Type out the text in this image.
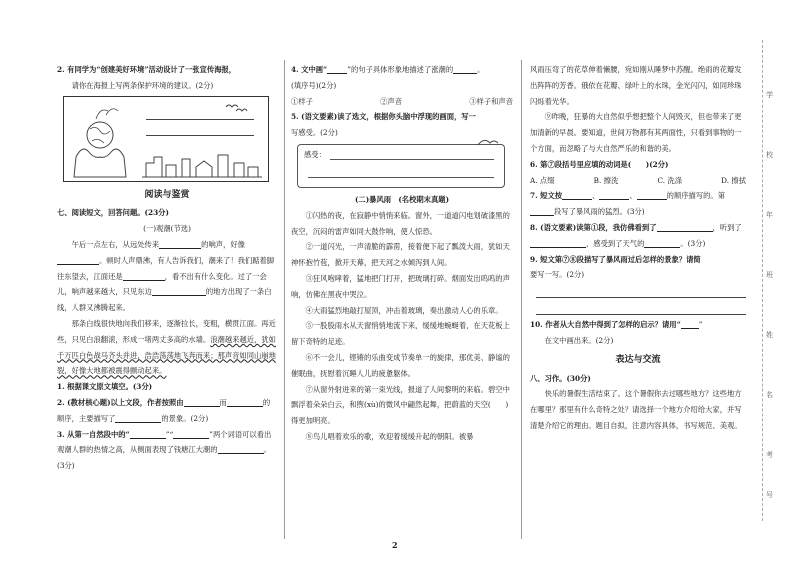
学
校
年
班
姓
名
考
号

2. 有同学为“创建美好环境”活动设计了一张宣传海报，

请你在海报上写两条保护环境的建议。(2分)

阅读与鉴赏

七、阅读短文，回答问题。(23分)

(一)观潮(节选)

午后一点左右，从远处传来	的响声，好像。顿时人声鼎沸，有人告诉我们，潮来了！我们踮着脚往东望去，江面还是	，看不出有什么变化。过了一会儿，响声越来越大，只见东边	的地方出现了一条白线，人群又沸腾起来。

那条白线很快地向我们移来，逐渐拉长，变粗，横贯江面。再近些，只见白浪翻滚，形成一堵两丈多高的水墙。浪潮越来越近，犹如千万匹白色战马齐头并进，浩浩荡荡地飞奔而来；那声音如同山崩地裂，好像大地都被震得颤动起来。

1. 根据课文原文填空。(3分)

2. (教材核心题)以上文段，作者按照由	而	的顺序，主要描写了	的景象。(2分)

3. 从第一自然段中的“	”“	”两个词语可以看出观潮人群的热情之高，从侧面表现了钱塘江大潮的	。(3分)

4. 文中画“	”的句子具体形象地描述了涨潮的	。

(填序号)(2分)

①样子	②声音	③样子和声音

5. (语文要素)读了选文，根据你头脑中浮现的画面，写一

写感受。(2分)

感受：

(二)暴风雨　(名校期末真题)

①闪热的夜，在寂静中悄悄来临。窗外，一道道闪电划破漆黑的夜空，沉闷的雷声如同大鼓作响，使人惊恐。

②一道闪光，一声清脆的霹雳，接着便下起了瓢泼大雨，犹如天神怀抱竹苞，掀开天幕，把天河之水倾泻到人间。

③狂风咆哮着，猛地把门打开，把玻璃打碎。烟面发出呜呜的声响，仿佛在黑夜中哭泣。

④大雨猛烈地敲打屋顶，冲击着玻璃，奏出激动人心的乐章。

⑤一股股雨水从天窗悄悄地流下来，缓缓地蜿蜒着，在天花板上留下奇特的足迹。

⑥不一会儿，铿锵的乐曲变成节奏单一的旋律，那优美、静谧的催眠曲，抚慰着沉睡人儿的疲惫躯体。

⑦从窗外射进来的第一束光线，报道了人间黎明的来临。碧空中飘浮着朵朵白云，和煦(xù)的微风中翩然起舞，把蔚蓝的天空(　　)得更加明亮。

⑧鸟儿唱着欢乐的歌，欢迎着缓缓升起的朝阳。被暴

风雨压弯了的花草伸着懒腰，宛如刚从睡梦中苏醒。绝雨的花瓣发出阵阵的芳香。俄依在花瓣、绿叶上的水珠，金光闪闪，如同珍珠闪烁着光华。

⑨昨晚，狂暴的大自然似乎想把整个人间毁灭，但也带来了更加清新的早晨。要知道，世间万物都有其两面性，只看到事物的一个方面，而忽略了与大自然严乐的和谐的美。

6. 第⑦段括号里应填的动词是(　　)(2分)

A. 点缀	B. 擦洗	C. 洗涤	D. 擦拭

7. 短文按	、	、	的顺序描写的。第段写了暴风雨的猛烈。(3分)

8. (语文要素)读第①段，我仿佛看到了	，听到了，感受到了天气的	。(3分)

9. 短文第⑦⑧段描写了暴风雨过后怎样的景象？请简

要写一写。(2分)

10. 作者从大自然中得到了怎样的启示？请用“ ”

在文中画出来。(2分)

表达与交流

八、习作。(30分)

快乐的暑假生活结束了。这个暑假你去过哪些地方？这些地方在哪里？那里有什么奇特之处？请选择一个地方介绍给大家，并写清楚介绍它的理由。题目自拟，注意内容具体，书写规范、美观。

2
